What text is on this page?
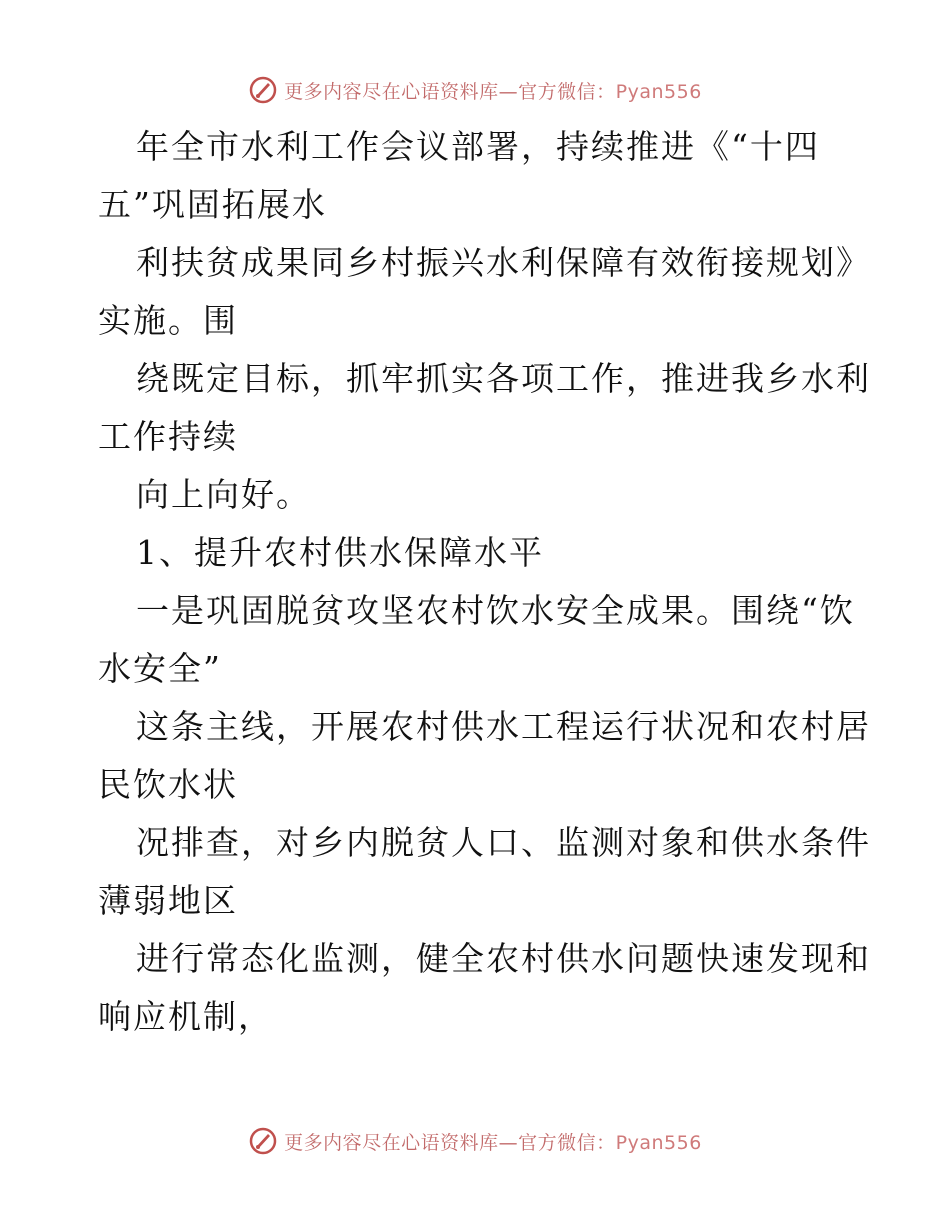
更多内容尽在心语资料库—官方微信：Pyan556
年全市水利工作会议部署，持续推进《“十四
五”巩固拓展水
利扶贫成果同乡村振兴水利保障有效衔接规划》
实施。围
绕既定目标，抓牢抓实各项工作，推进我乡水利
工作持续
向上向好。
1、提升农村供水保障水平
一是巩固脱贫攻坚农村饮水安全成果。围绕“饮
水安全”
这条主线，开展农村供水工程运行状况和农村居
民饮水状
况排查，对乡内脱贫人口、监测对象和供水条件
薄弱地区
进行常态化监测，健全农村供水问题快速发现和
响应机制，
更多内容尽在心语资料库—官方微信：Pyan556
